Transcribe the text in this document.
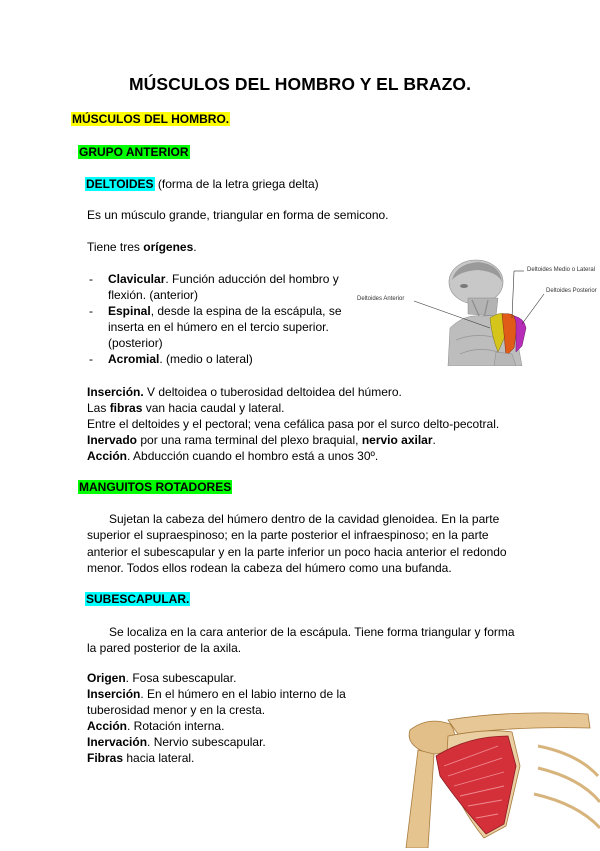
MÚSCULOS DEL HOMBRO Y EL BRAZO.
MÚSCULOS DEL HOMBRO.
GRUPO ANTERIOR
DELTOIDES (forma de la letra griega delta)
Es un músculo grande, triangular en forma de semicono.
Tiene tres orígenes.
- Clavicular. Función aducción del hombro y flexión. (anterior)
- Espinal, desde la espina de la escápula, se inserta en el húmero en el tercio superior. (posterior)
- Acromial. (medio o lateral)
Deltoides Anterior
Deltoides Medio o Lateral
Deltoides Posterior
Inserción. V deltoidea o tuberosidad deltoidea del húmero.
Las fibras van hacia caudal y lateral.
Entre el deltoides y el pectoral; vena cefálica pasa por el surco delto-pecotral.
Inervado por una rama terminal del plexo braquial, nervio axilar.
Acción. Abducción cuando el hombro está a unos 30º.
MANGUITOS ROTADORES
Sujetan la cabeza del húmero dentro de la cavidad glenoidea. En la parte superior el supraespinoso; en la parte posterior el infraespinoso; en la parte anterior el subescapular y en la parte inferior un poco hacia anterior el redondo menor. Todos ellos rodean la cabeza del húmero como una bufanda.
SUBESCAPULAR.
Se localiza en la cara anterior de la escápula. Tiene forma triangular y forma la pared posterior de la axila.
Origen. Fosa subescapular.
Inserción. En el húmero en el labio interno de la tuberosidad menor y en la cresta.
Acción. Rotación interna.
Inervación. Nervio subescapular.
Fibras hacia lateral.
